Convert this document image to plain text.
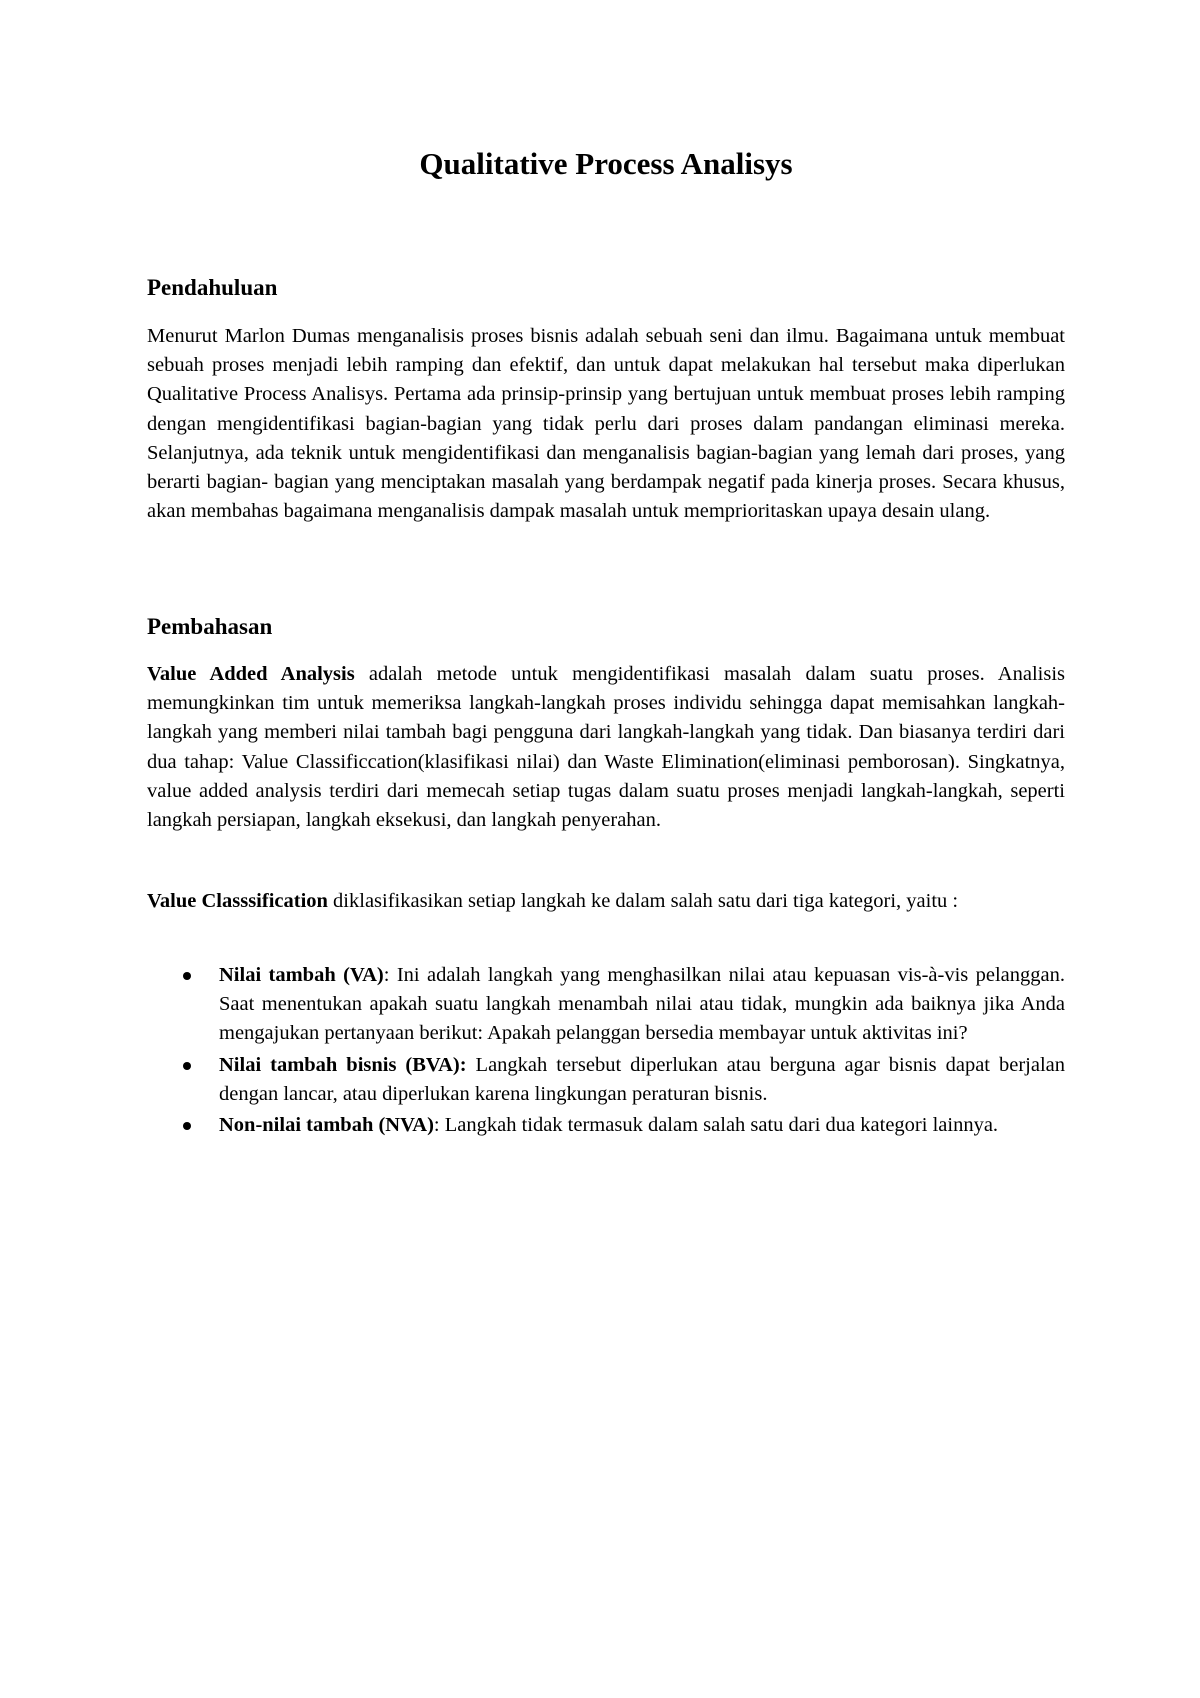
Qualitative Process Analisys
Pendahuluan

Menurut Marlon Dumas menganalisis proses bisnis adalah sebuah seni dan ilmu. Bagaimana untuk membuat sebuah proses menjadi lebih ramping dan efektif, dan untuk dapat melakukan hal tersebut maka diperlukan Qualitative Process Analisys. Pertama ada prinsip-prinsip yang bertujuan untuk membuat proses lebih ramping dengan mengidentifikasi bagian-bagian yang tidak perlu dari proses dalam pandangan eliminasi mereka. Selanjutnya, ada teknik untuk mengidentifikasi dan menganalisis bagian-bagian yang lemah dari proses, yang berarti bagian- bagian yang menciptakan masalah yang berdampak negatif pada kinerja proses. Secara khusus, akan membahas bagaimana menganalisis dampak masalah untuk memprioritaskan upaya desain ulang.

Pembahasan

Value Added Analysis adalah metode untuk mengidentifikasi masalah dalam suatu proses. Analisis memungkinkan tim untuk memeriksa langkah-langkah proses individu sehingga dapat memisahkan langkah-langkah yang memberi nilai tambah bagi pengguna dari langkah-langkah yang tidak. Dan biasanya terdiri dari dua tahap: Value Classificcation(klasifikasi nilai) dan Waste Elimination(eliminasi pemborosan). Singkatnya, value added analysis terdiri dari memecah setiap tugas dalam suatu proses menjadi langkah-langkah, seperti langkah persiapan, langkah eksekusi, dan langkah penyerahan.

Value Classsification diklasifikasikan setiap langkah ke dalam salah satu dari tiga kategori, yaitu :

Nilai tambah (VA): Ini adalah langkah yang menghasilkan nilai atau kepuasan vis-à-vis pelanggan. Saat menentukan apakah suatu langkah menambah nilai atau tidak, mungkin ada baiknya jika Anda mengajukan pertanyaan berikut: Apakah pelanggan bersedia membayar untuk aktivitas ini?
Nilai tambah bisnis (BVA): Langkah tersebut diperlukan atau berguna agar bisnis dapat berjalan dengan lancar, atau diperlukan karena lingkungan peraturan bisnis.
Non-nilai tambah (NVA): Langkah tidak termasuk dalam salah satu dari dua kategori lainnya.
